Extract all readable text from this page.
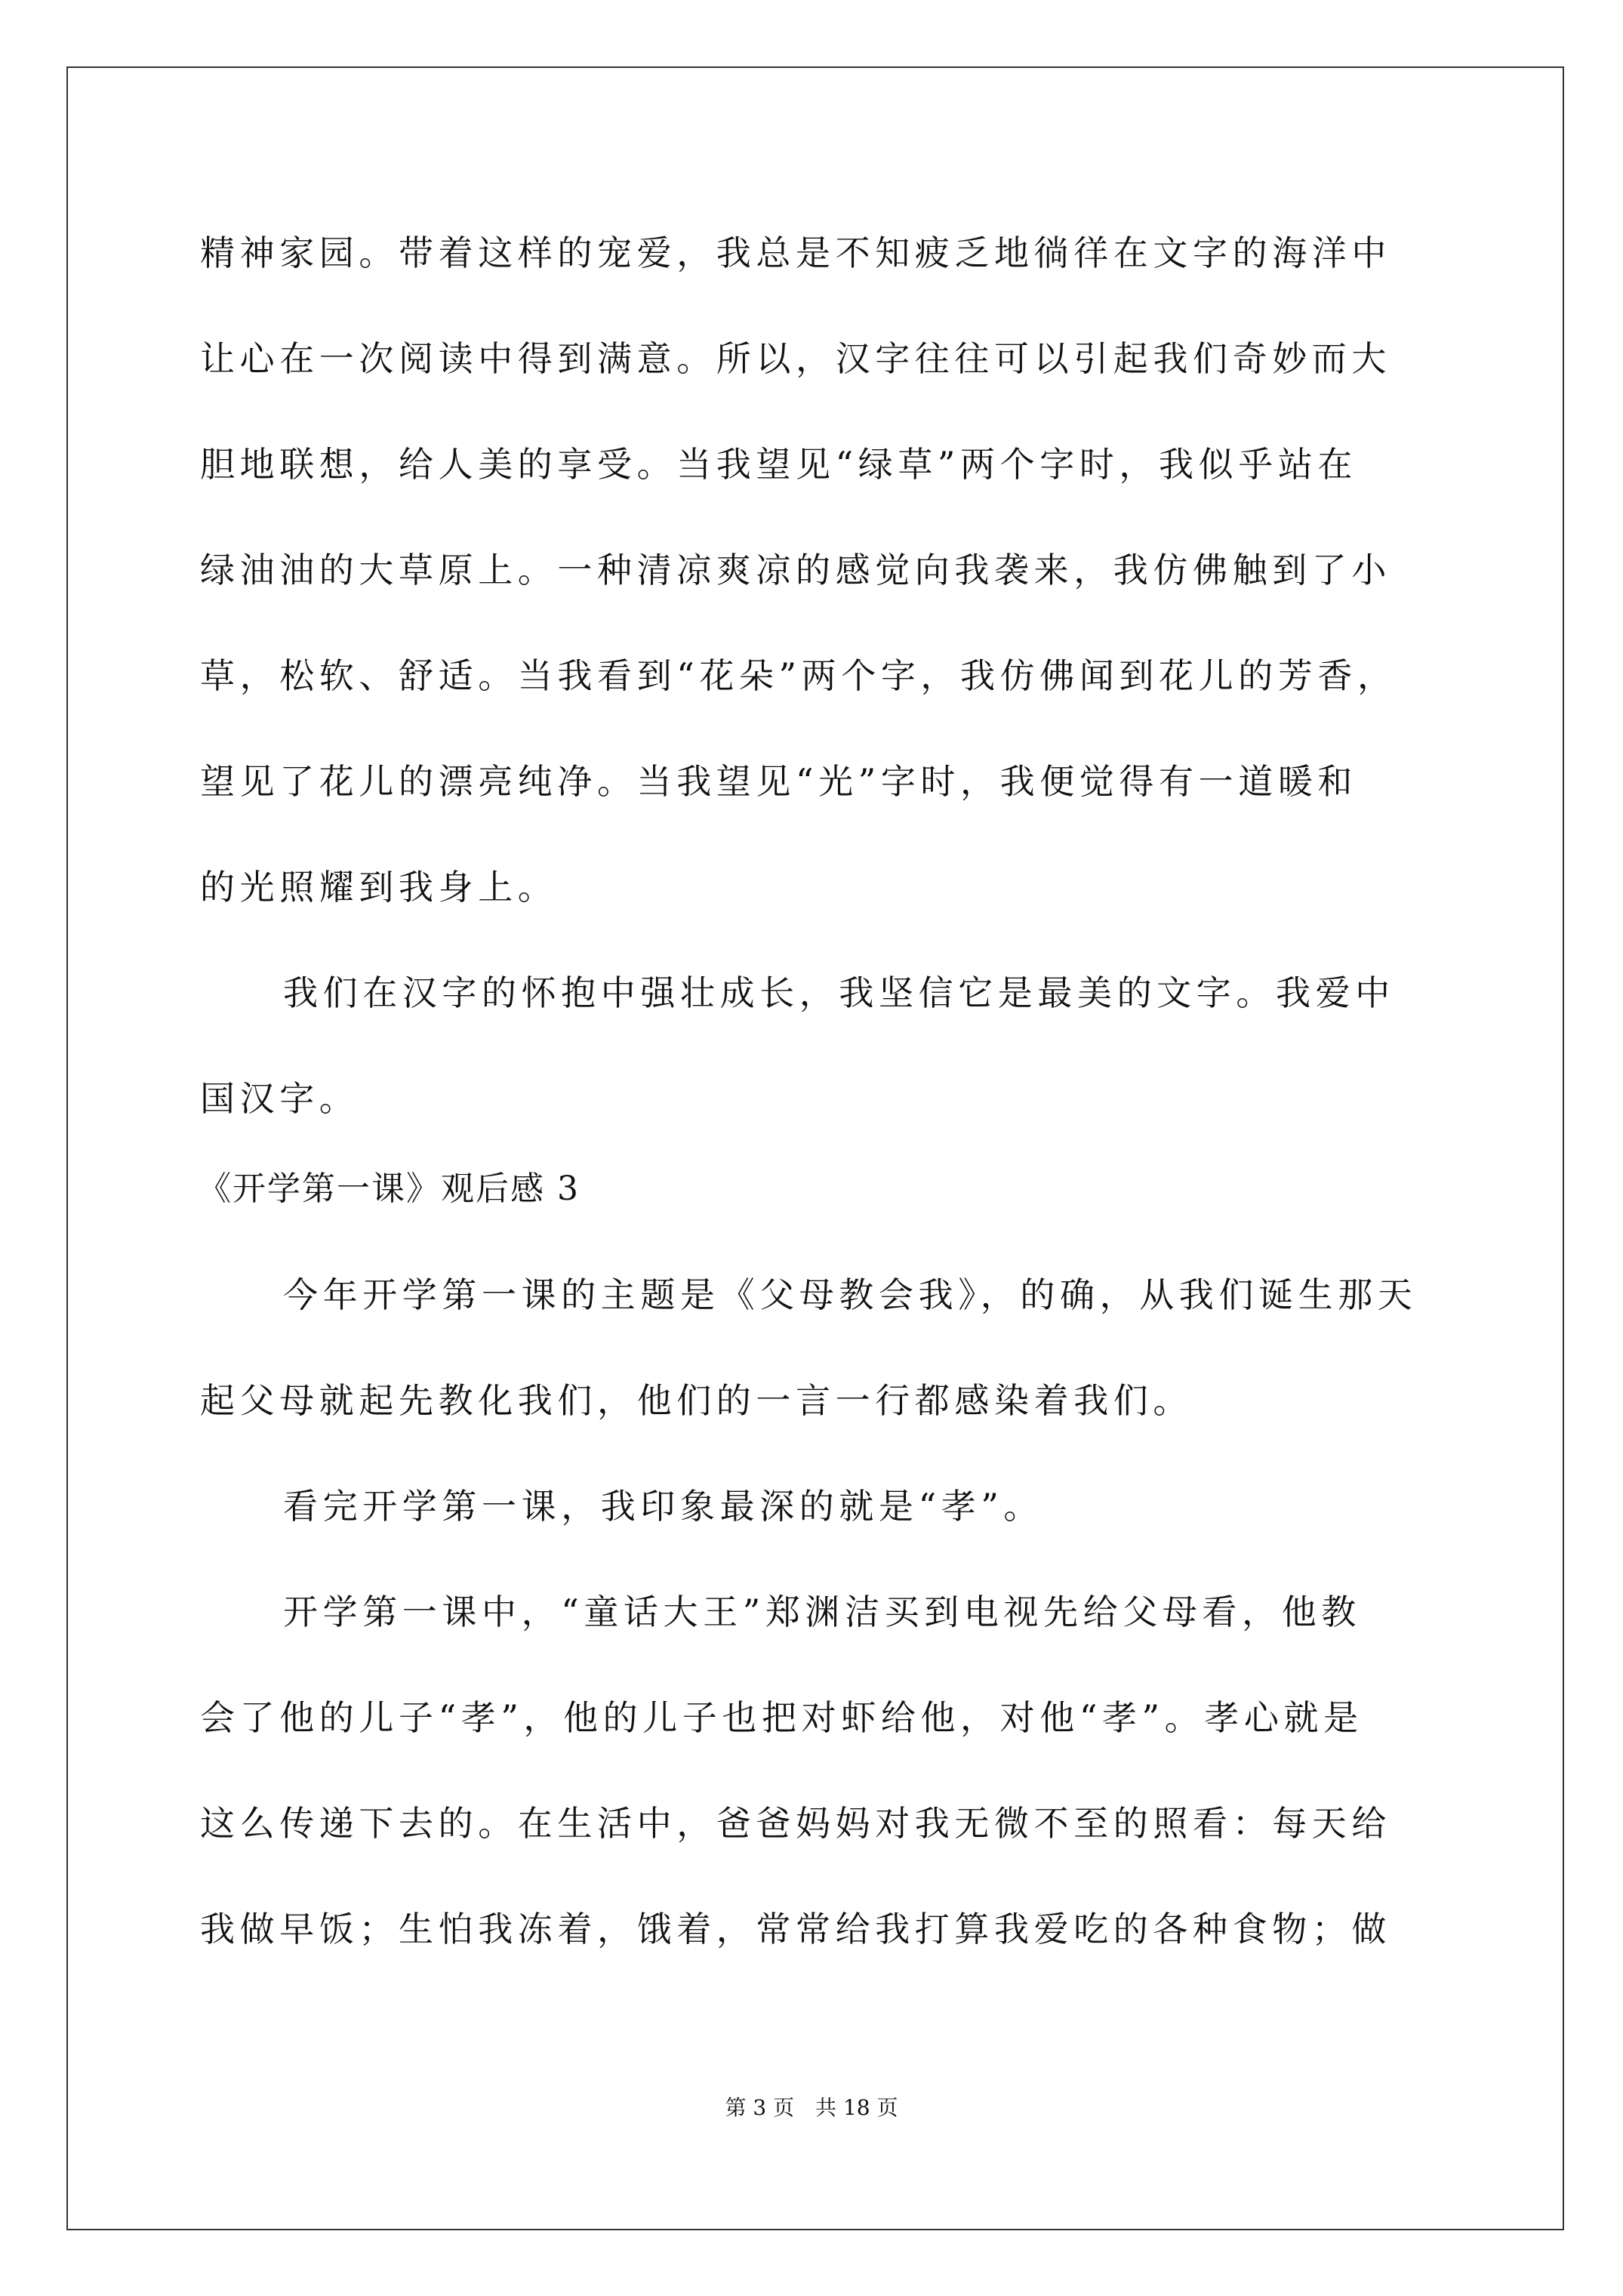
精神家园。带着这样的宠爱，我总是不知疲乏地徜徉在文字的海洋中
让心在一次阅读中得到满意。所以，汉字往往可以引起我们奇妙而大
胆地联想，给人美的享受。当我望见“绿草”两个字时，我似乎站在
绿油油的大草原上。一种清凉爽凉的感觉向我袭来，我仿佛触到了小
草，松软、舒适。当我看到“花朵”两个字，我仿佛闻到花儿的芳香，
望见了花儿的漂亮纯净。当我望见“光”字时，我便觉得有一道暖和
的光照耀到我身上。
我们在汉字的怀抱中强壮成长，我坚信它是最美的文字。我爱中
国汉字。
《开学第一课》观后感 3
今年开学第一课的主题是《父母教会我》，的确，从我们诞生那天
起父母就起先教化我们，他们的一言一行都感染着我们。
看完开学第一课，我印象最深的就是“孝”。
开学第一课中，“童话大王”郑渊洁买到电视先给父母看，他教
会了他的儿子“孝”，他的儿子也把对虾给他，对他“孝”。孝心就是
这么传递下去的。在生活中，爸爸妈妈对我无微不至的照看：每天给
我做早饭；生怕我冻着，饿着，常常给我打算我爱吃的各种食物；做
第 3 页　共 18 页
